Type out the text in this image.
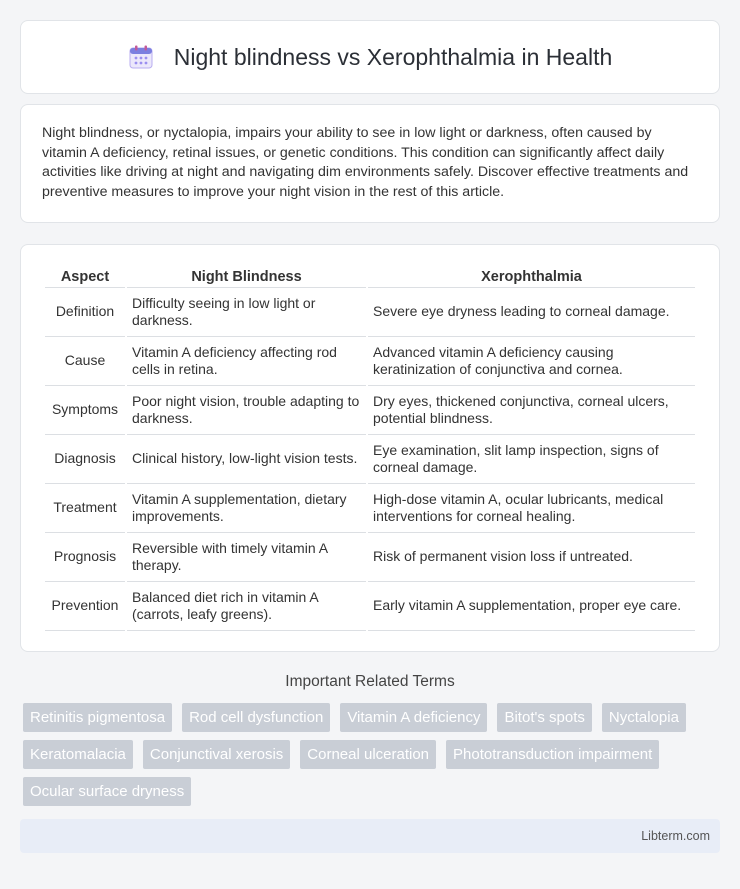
Night blindness vs Xerophthalmia in Health
Night blindness, or nyctalopia, impairs your ability to see in low light or darkness, often caused by vitamin A deficiency, retinal issues, or genetic conditions. This condition can significantly affect daily activities like driving at night and navigating dim environments safely. Discover effective treatments and preventive measures to improve your night vision in the rest of this article.
Aspect	Night Blindness	Xerophthalmia
Definition	Difficulty seeing in low light or darkness.	Severe eye dryness leading to corneal damage.
Cause	Vitamin A deficiency affecting rod cells in retina.	Advanced vitamin A deficiency causing keratinization of conjunctiva and cornea.
Symptoms	Poor night vision, trouble adapting to darkness.	Dry eyes, thickened conjunctiva, corneal ulcers, potential blindness.
Diagnosis	Clinical history, low-light vision tests.	Eye examination, slit lamp inspection, signs of corneal damage.
Treatment	Vitamin A supplementation, dietary improvements.	High-dose vitamin A, ocular lubricants, medical interventions for corneal healing.
Prognosis	Reversible with timely vitamin A therapy.	Risk of permanent vision loss if untreated.
Prevention	Balanced diet rich in vitamin A (carrots, leafy greens).	Early vitamin A supplementation, proper eye care.
Important Related Terms
Retinitis pigmentosa	Rod cell dysfunction	Vitamin A deficiency	Bitot's spots	Nyctalopia
Keratomalacia	Conjunctival xerosis	Corneal ulceration	Phototransduction impairment
Ocular surface dryness
Libterm.com
